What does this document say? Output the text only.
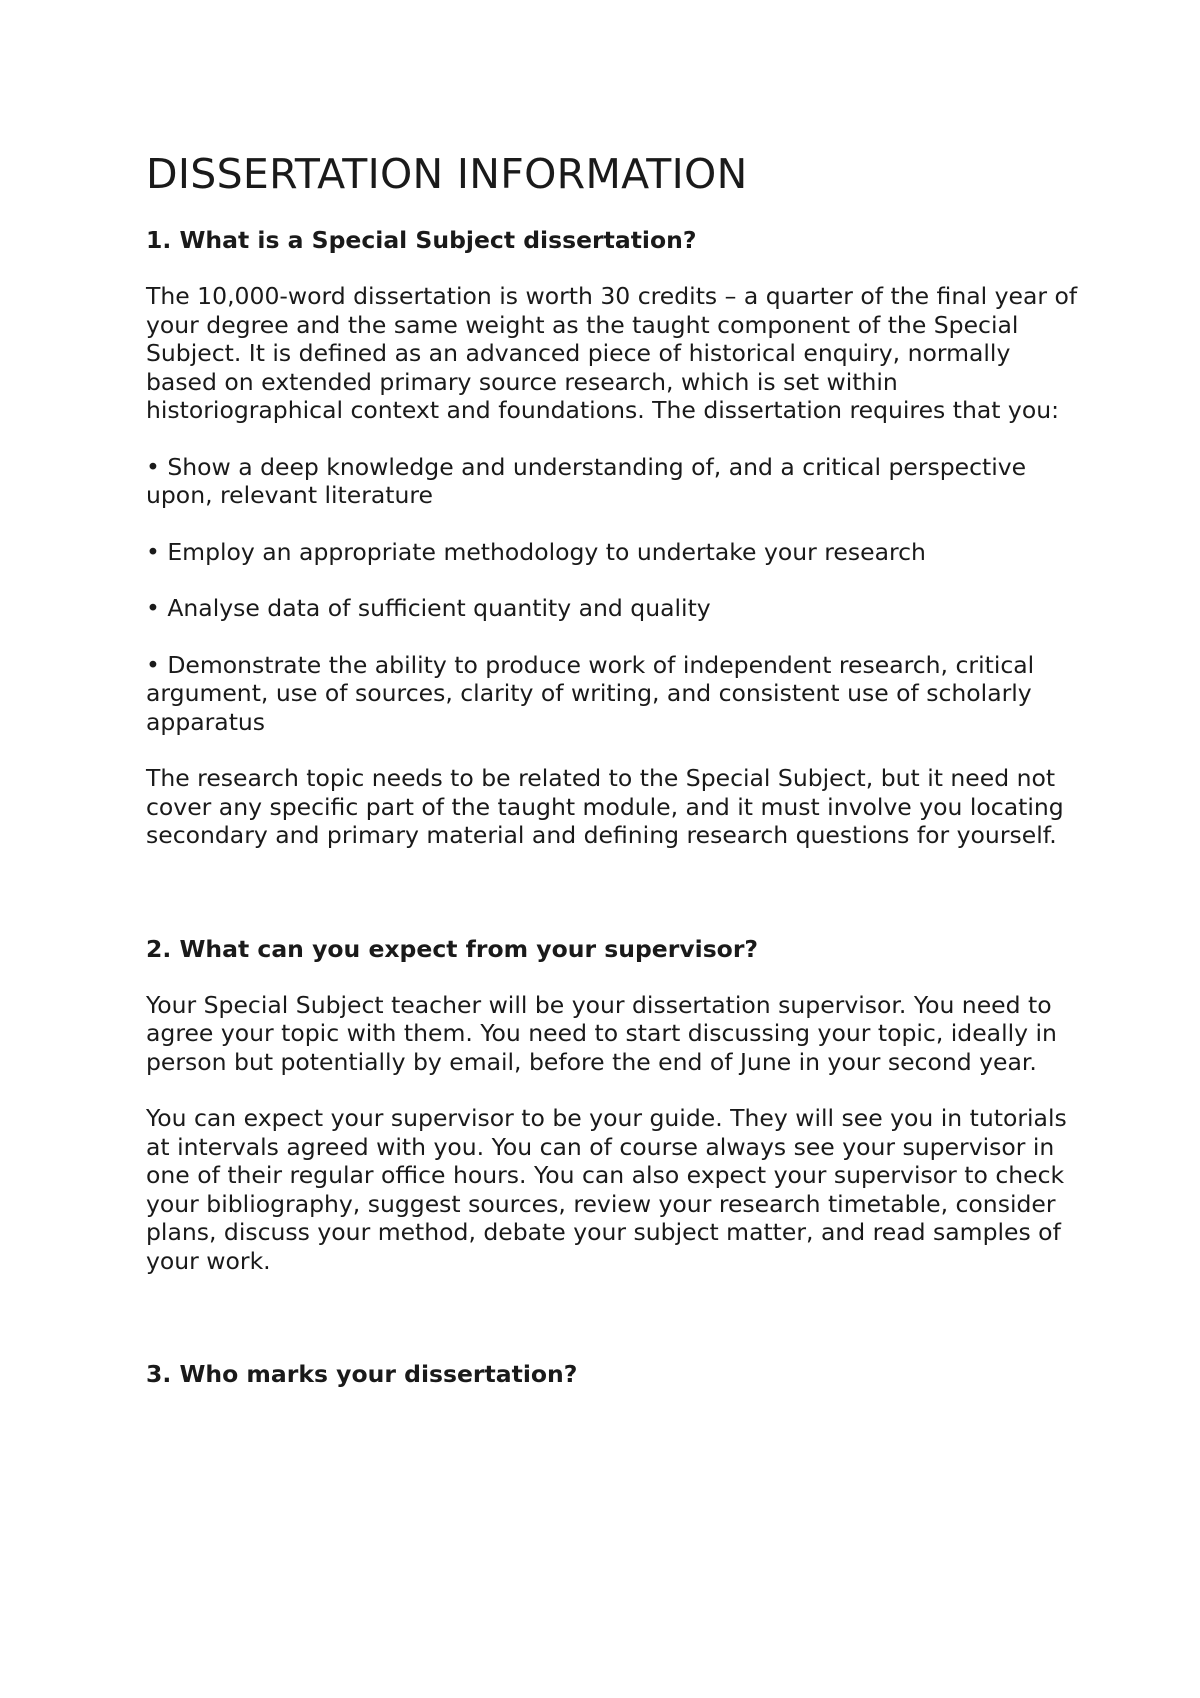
DISSERTATION INFORMATION
1. What is a Special Subject dissertation?

The 10,000-word dissertation is worth 30 credits – a quarter of the final year of your degree and the same weight as the taught component of the Special Subject. It is defined as an advanced piece of historical enquiry, normally based on extended primary source research, which is set within historiographical context and foundations. The dissertation requires that you:

• Show a deep knowledge and understanding of, and a critical perspective upon, relevant literature

• Employ an appropriate methodology to undertake your research

• Analyse data of sufficient quantity and quality

• Demonstrate the ability to produce work of independent research, critical argument, use of sources, clarity of writing, and consistent use of scholarly apparatus

The research topic needs to be related to the Special Subject, but it need not cover any specific part of the taught module, and it must involve you locating secondary and primary material and defining research questions for yourself.

2. What can you expect from your supervisor?

Your Special Subject teacher will be your dissertation supervisor. You need to agree your topic with them. You need to start discussing your topic, ideally in person but potentially by email, before the end of June in your second year.

You can expect your supervisor to be your guide. They will see you in tutorials at intervals agreed with you. You can of course always see your supervisor in one of their regular office hours. You can also expect your supervisor to check your bibliography, suggest sources, review your research timetable, consider plans, discuss your method, debate your subject matter, and read samples of your work.

3. Who marks your dissertation?
